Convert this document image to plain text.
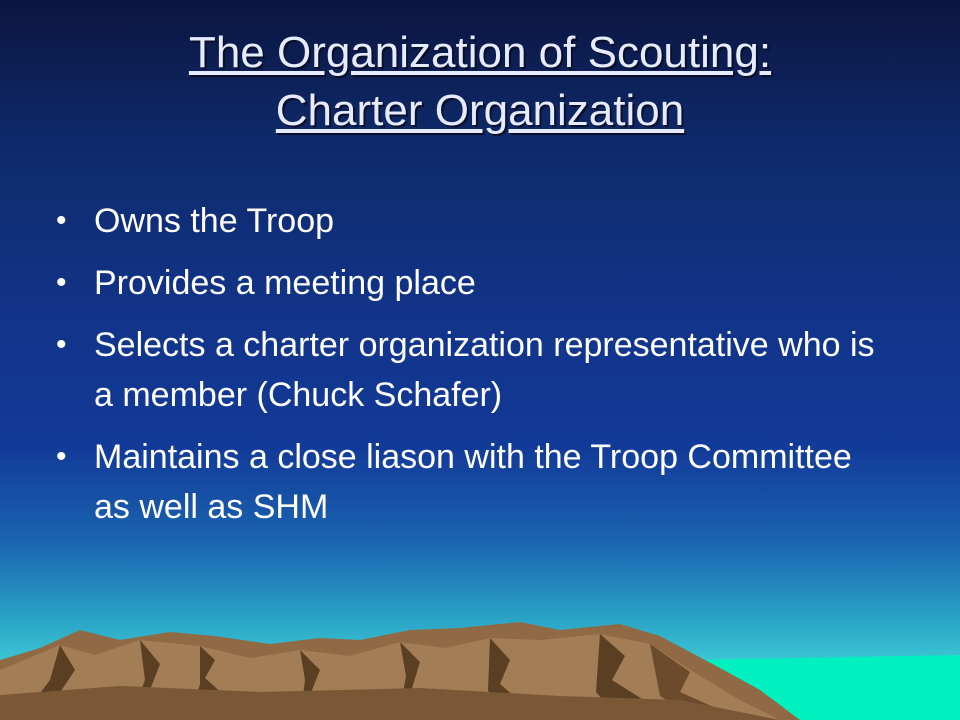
The Organization of Scouting:
Charter Organization
• Owns the Troop
• Provides a meeting place
• Selects a charter organization representative who is a member (Chuck Schafer)
• Maintains a close liason with the Troop Committee as well as SHM
